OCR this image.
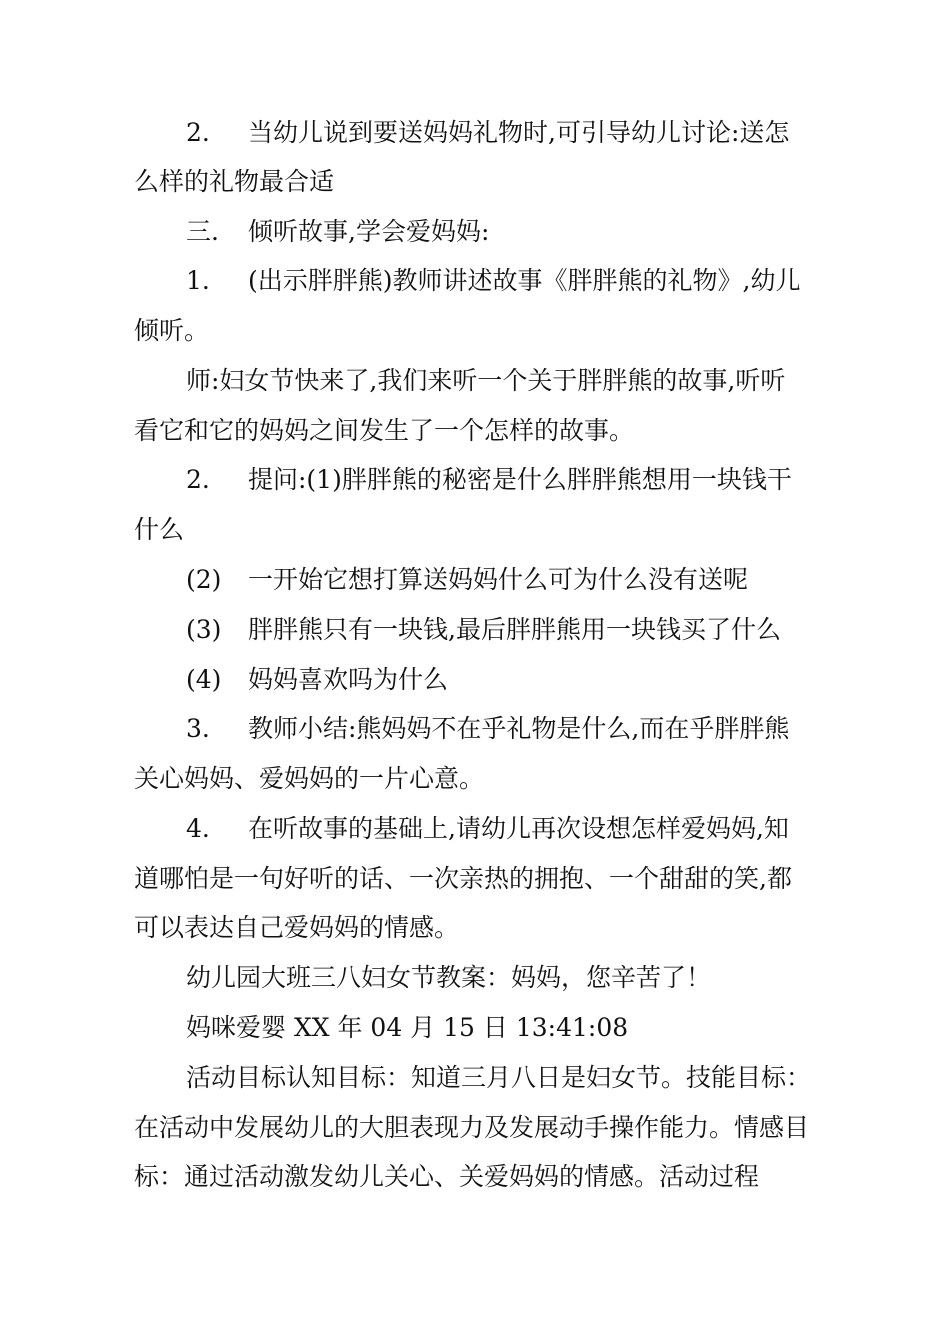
2. 当幼儿说到要送妈妈礼物时,可引导幼儿讨论:送怎
么样的礼物最合适
三. 倾听故事,学会爱妈妈:
1. (出示胖胖熊)教师讲述故事《胖胖熊的礼物》,幼儿
倾听。
师:妇女节快来了,我们来听一个关于胖胖熊的故事,听听
看它和它的妈妈之间发生了一个怎样的故事。
2. 提问:(1)胖胖熊的秘密是什么胖胖熊想用一块钱干
什么
(2) 一开始它想打算送妈妈什么可为什么没有送呢
(3) 胖胖熊只有一块钱,最后胖胖熊用一块钱买了什么
(4) 妈妈喜欢吗为什么
3. 教师小结:熊妈妈不在乎礼物是什么,而在乎胖胖熊
关心妈妈、爱妈妈的一片心意。
4. 在听故事的基础上,请幼儿再次设想怎样爱妈妈,知
道哪怕是一句好听的话、一次亲热的拥抱、一个甜甜的笑,都
可以表达自己爱妈妈的情感。
幼儿园大班三八妇女节教案：妈妈，您辛苦了！
妈咪爱婴 XX 年 04 月 15 日 13:41:08
活动目标认知目标：知道三月八日是妇女节。技能目标：
在活动中发展幼儿的大胆表现力及发展动手操作能力。情感目
标：通过活动激发幼儿关心、关爱妈妈的情感。活动过程
